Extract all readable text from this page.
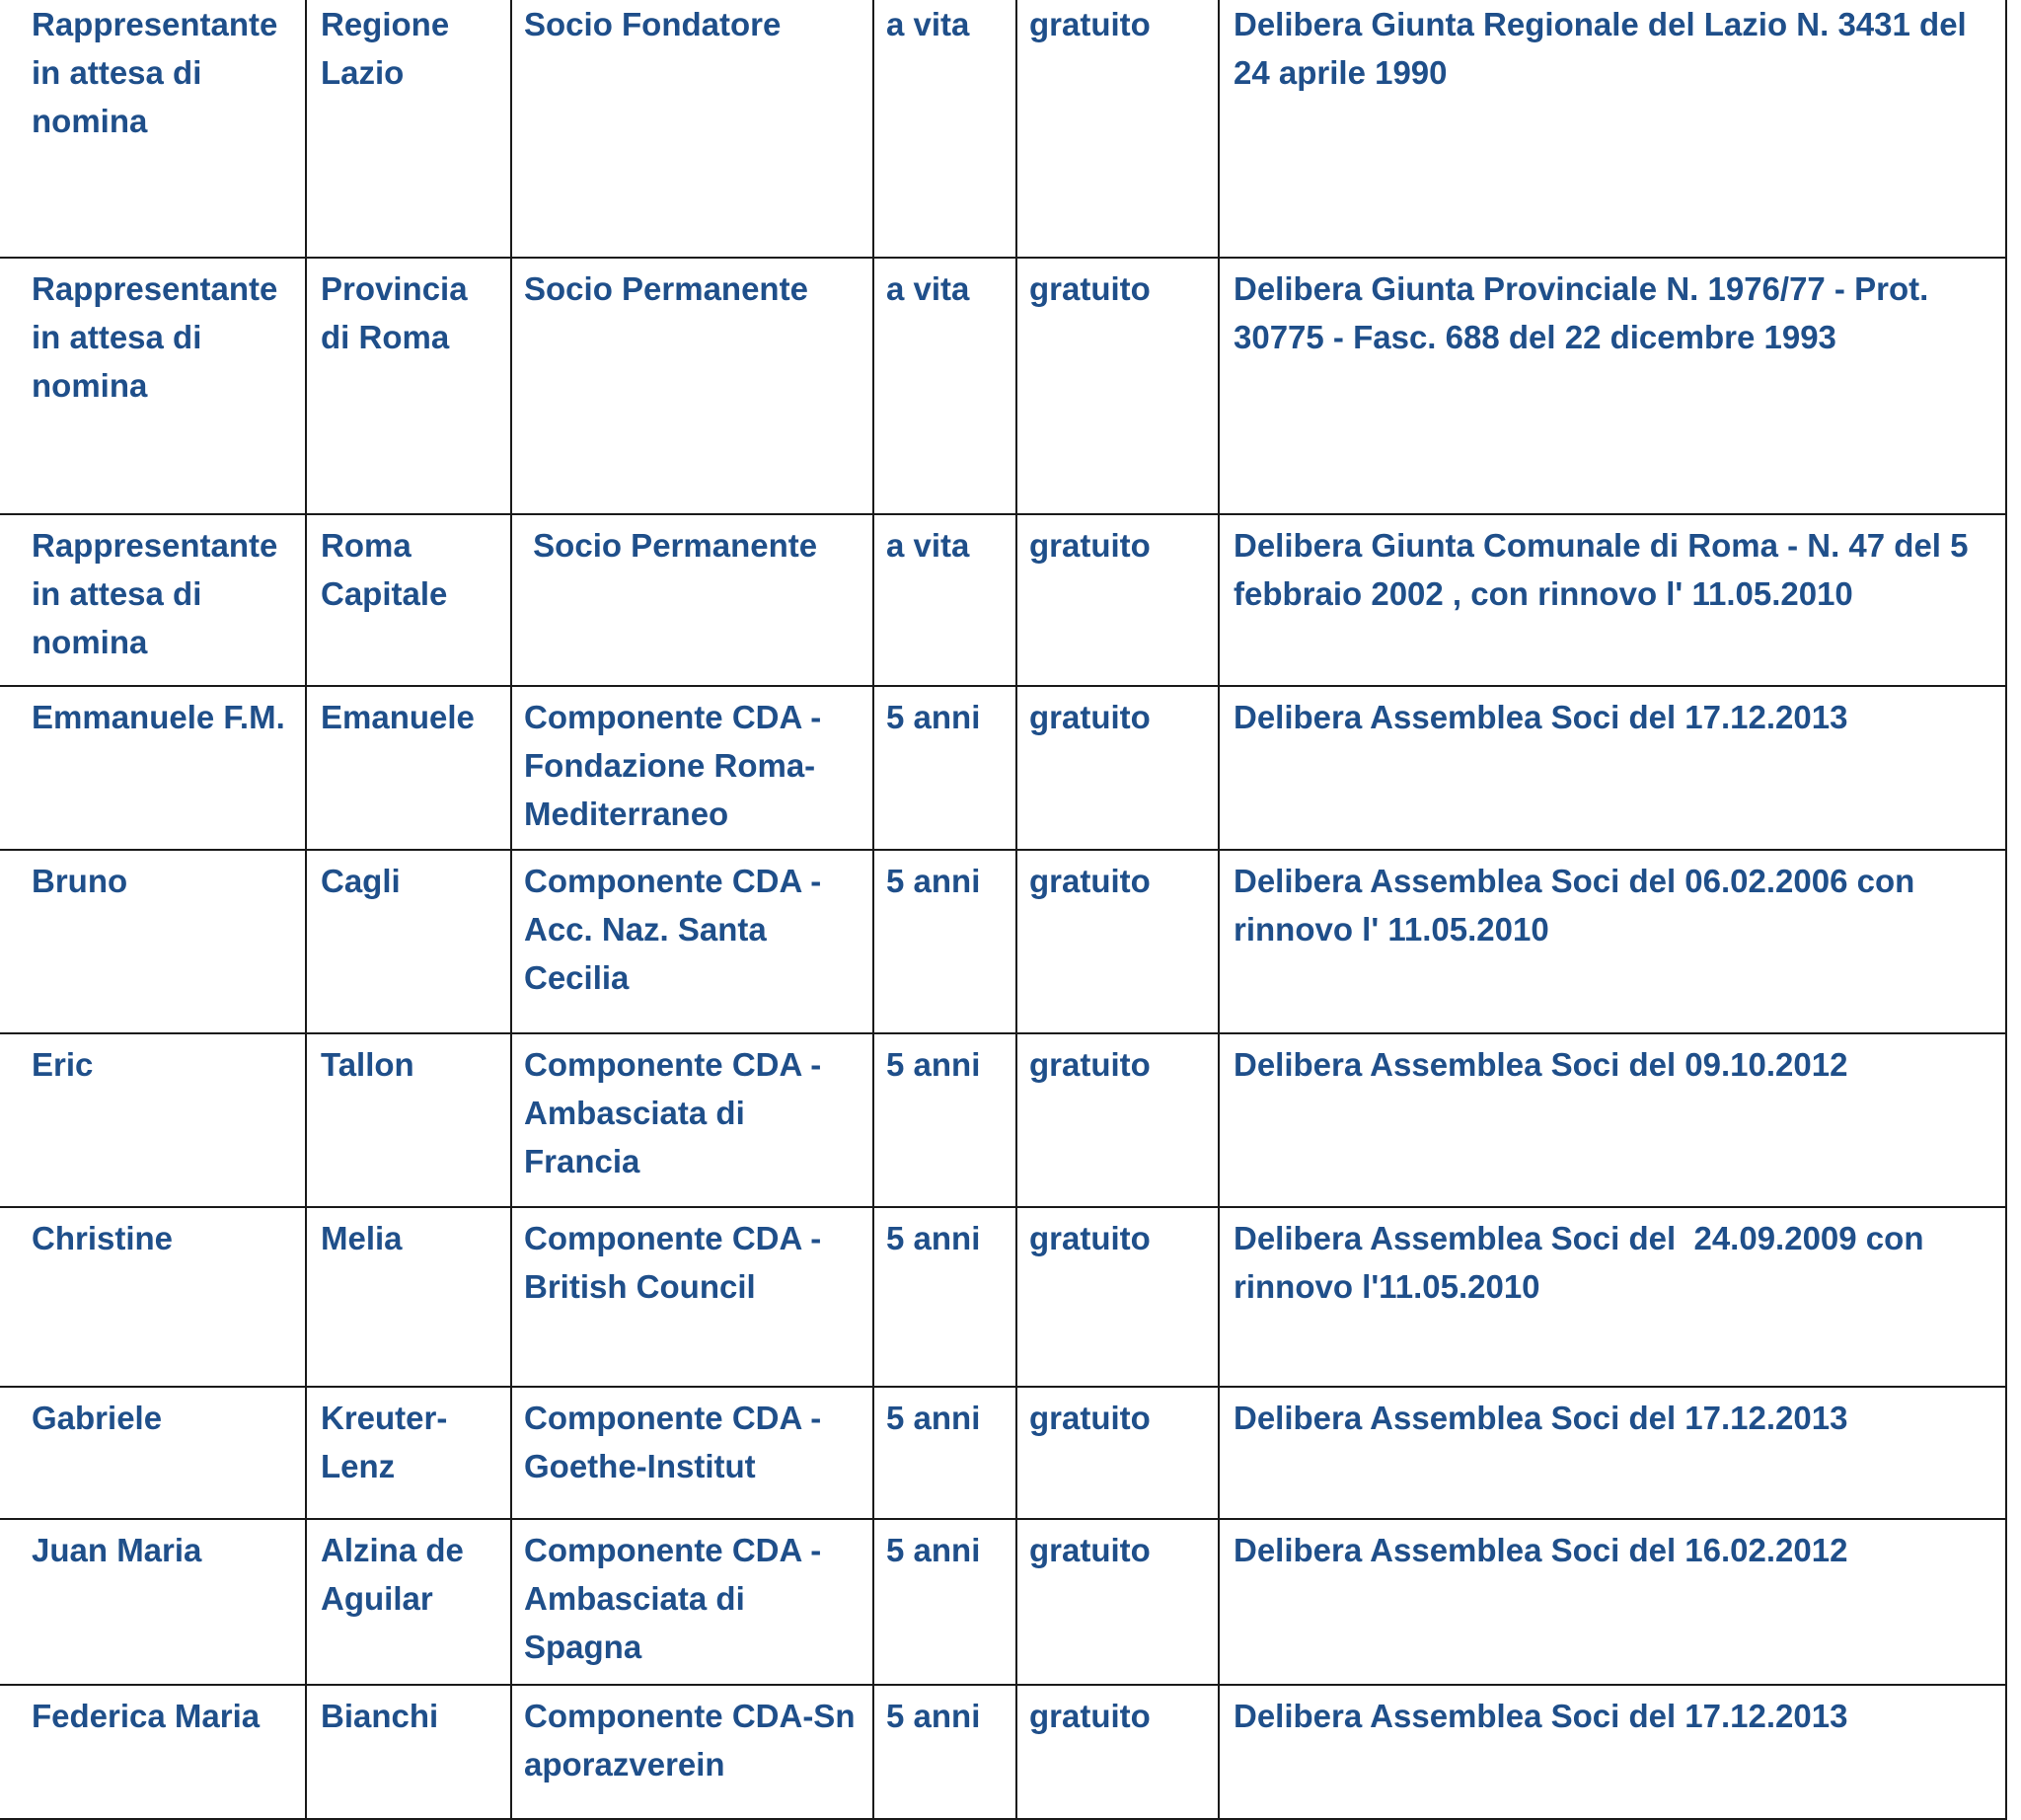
Rappresentante in attesa di nomina	Regione Lazio	Socio Fondatore	a vita	gratuito	Delibera Giunta Regionale del Lazio N. 3431 del 24 aprile 1990

Rappresentante in attesa di nomina	Provincia di Roma	Socio Permanente	a vita	gratuito	Delibera Giunta Provinciale N. 1976/77 - Prot. 30775 - Fasc. 688 del 22 dicembre 1993

Rappresentante in attesa di nomina	Roma Capitale	Socio Permanente	a vita	gratuito	Delibera Giunta Comunale di Roma - N. 47 del 5 febbraio 2002 , con rinnovo l' 11.05.2010

Emmanuele F.M.	Emanuele	Componente CDA - Fondazione Roma-Mediterraneo	5 anni	gratuito	Delibera Assemblea Soci del 17.12.2013

Bruno	Cagli	Componente CDA - Acc. Naz. Santa Cecilia	5 anni	gratuito	Delibera Assemblea Soci del 06.02.2006 con rinnovo l' 11.05.2010

Eric	Tallon	Componente CDA - Ambasciata di Francia	5 anni	gratuito	Delibera Assemblea Soci del 09.10.2012

Christine	Melia	Componente CDA - British Council	5 anni	gratuito	Delibera Assemblea Soci del  24.09.2009 con rinnovo l'11.05.2010

Gabriele	Kreuter-Lenz	Componente CDA - Goethe-Institut	5 anni	gratuito	Delibera Assemblea Soci del 17.12.2013

Juan Maria	Alzina de Aguilar	Componente CDA - Ambasciata di Spagna	5 anni	gratuito	Delibera Assemblea Soci del 16.02.2012

Federica Maria	Bianchi	Componente CDA-Snaporazverein	5 anni	gratuito	Delibera Assemblea Soci del 17.12.2013
